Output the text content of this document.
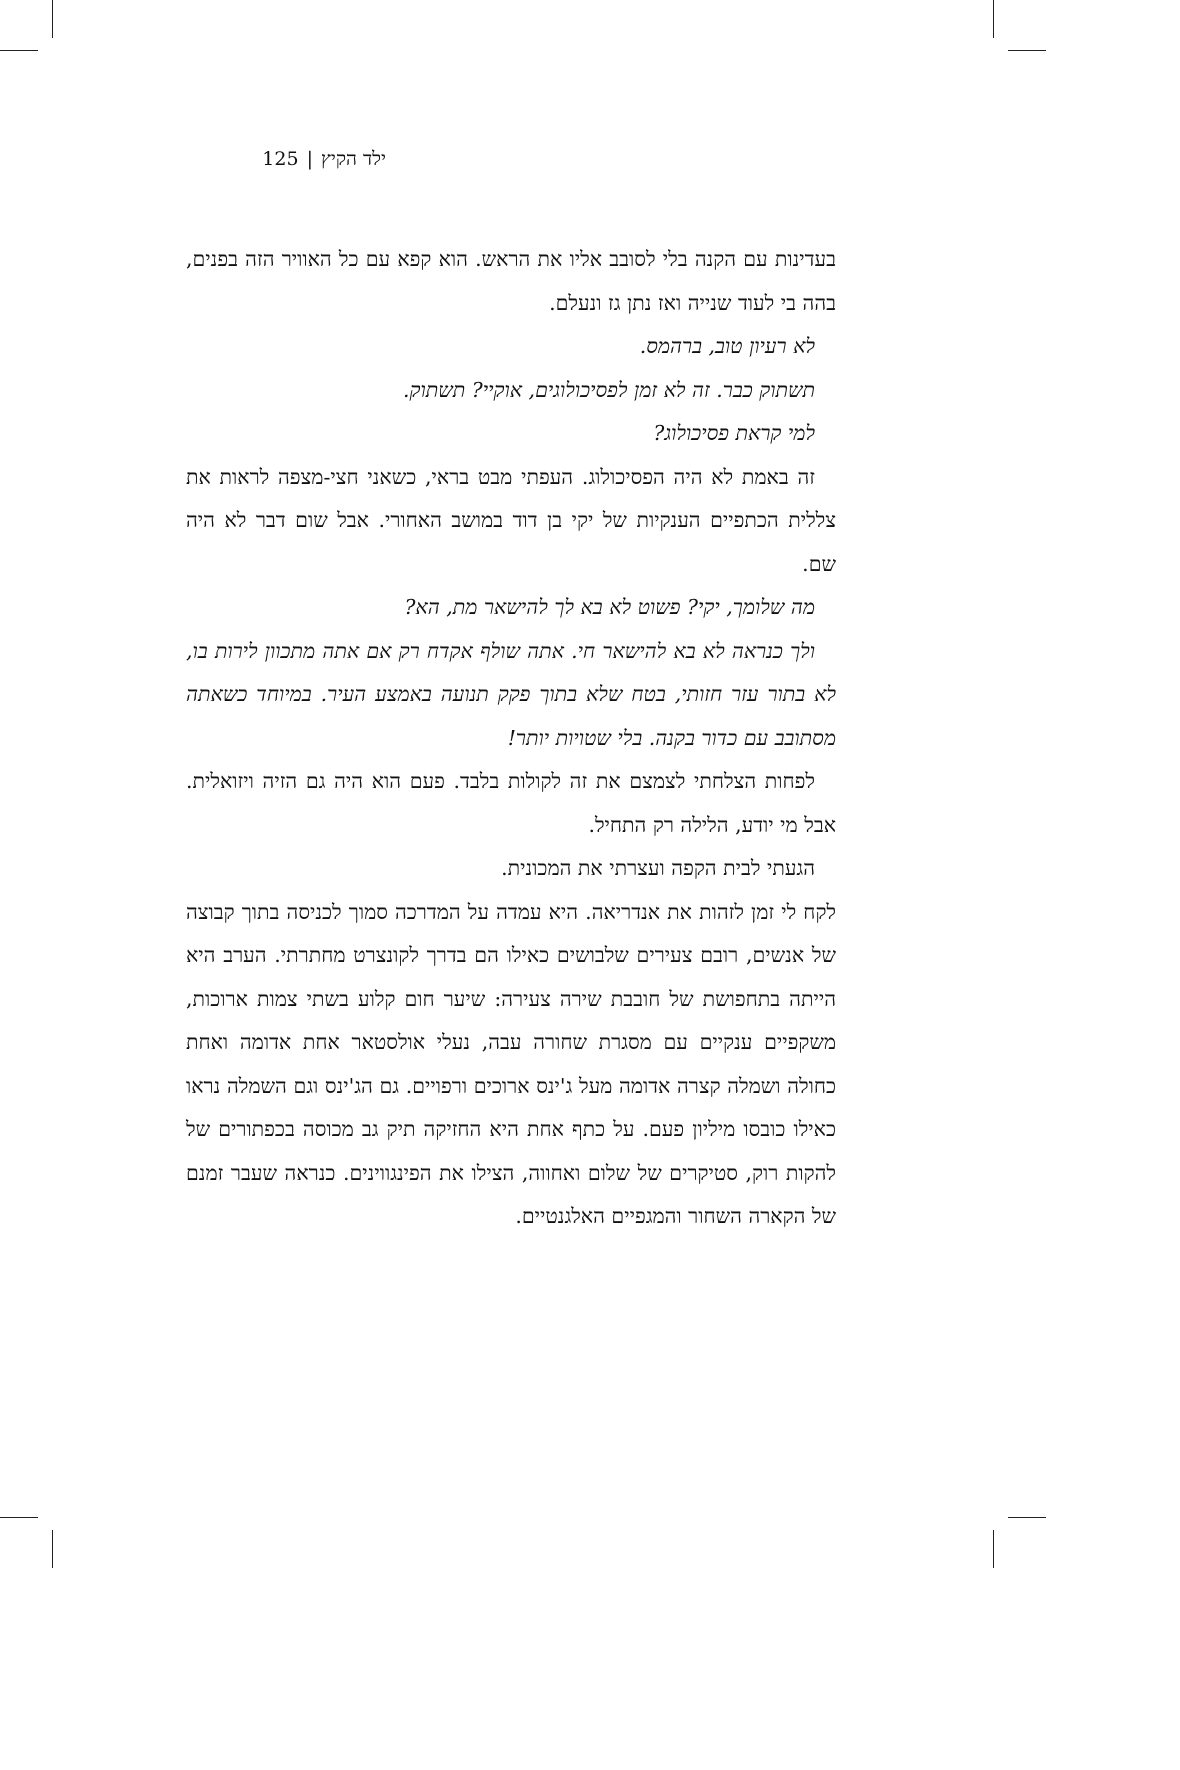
ילד הקיץ|125

בעדינות עם הקנה בלי לסובב אליו את הראש. הוא קפא עם כל האוויר הזה בפנים, בהה בי לעוד שנייה ואז נתן גז ונעלם.

לא רעיון טוב, ברהמס.

תשתוק כבר. זה לא זמן לפסיכולוגים, אוקיי? תשתוק.

למי קראת פסיכולוג?

זה באמת לא היה הפסיכולוג. העפתי מבט בראי, כשאני חצי-מצפה לראות את צללית הכתפיים הענקיות של יקי בן דוד במושב האחורי. אבל שום דבר לא היה שם.

מה שלומך, יקי? פשוט לא בא לך להישאר מת, הא?

ולך כנראה לא בא להישאר חי. אתה שולף אקדח רק אם אתה מתכוון לירות בו, לא בתור עזר חזותי, בטח שלא בתוך פקק תנועה באמצע העיר. במיוחד כשאתה מסתובב עם כדור בקנה. בלי שטויות יותר!

לפחות הצלחתי לצמצם את זה לקולות בלבד. פעם הוא היה גם הזיה ויזואלית. אבל מי יודע, הלילה רק התחיל.

הגעתי לבית הקפה ועצרתי את המכונית.

לקח לי זמן לזהות את אנדריאה. היא עמדה על המדרכה סמוך לכניסה בתוך קבוצה של אנשים, רובם צעירים שלבושים כאילו הם בדרך לקונצרט מחתרתי. הערב היא הייתה בתחפושת של חובבת שירה צעירה: שיער חום קלוע בשתי צמות ארוכות, משקפיים ענקיים עם מסגרת שחורה עבה, נעלי אולסטאר אחת אדומה ואחת כחולה ושמלה קצרה אדומה מעל ג'ינס ארוכים ורפויים. גם הג'ינס וגם השמלה נראו כאילו כובסו מיליון פעם. על כתף אחת היא החזיקה תיק גב מכוסה בכפתורים של להקות רוק, סטיקרים של שלום ואחווה, הצילו את הפינגווינים. כנראה שעבר זמנם של הקארה השחור והמגפיים האלגנטיים.
